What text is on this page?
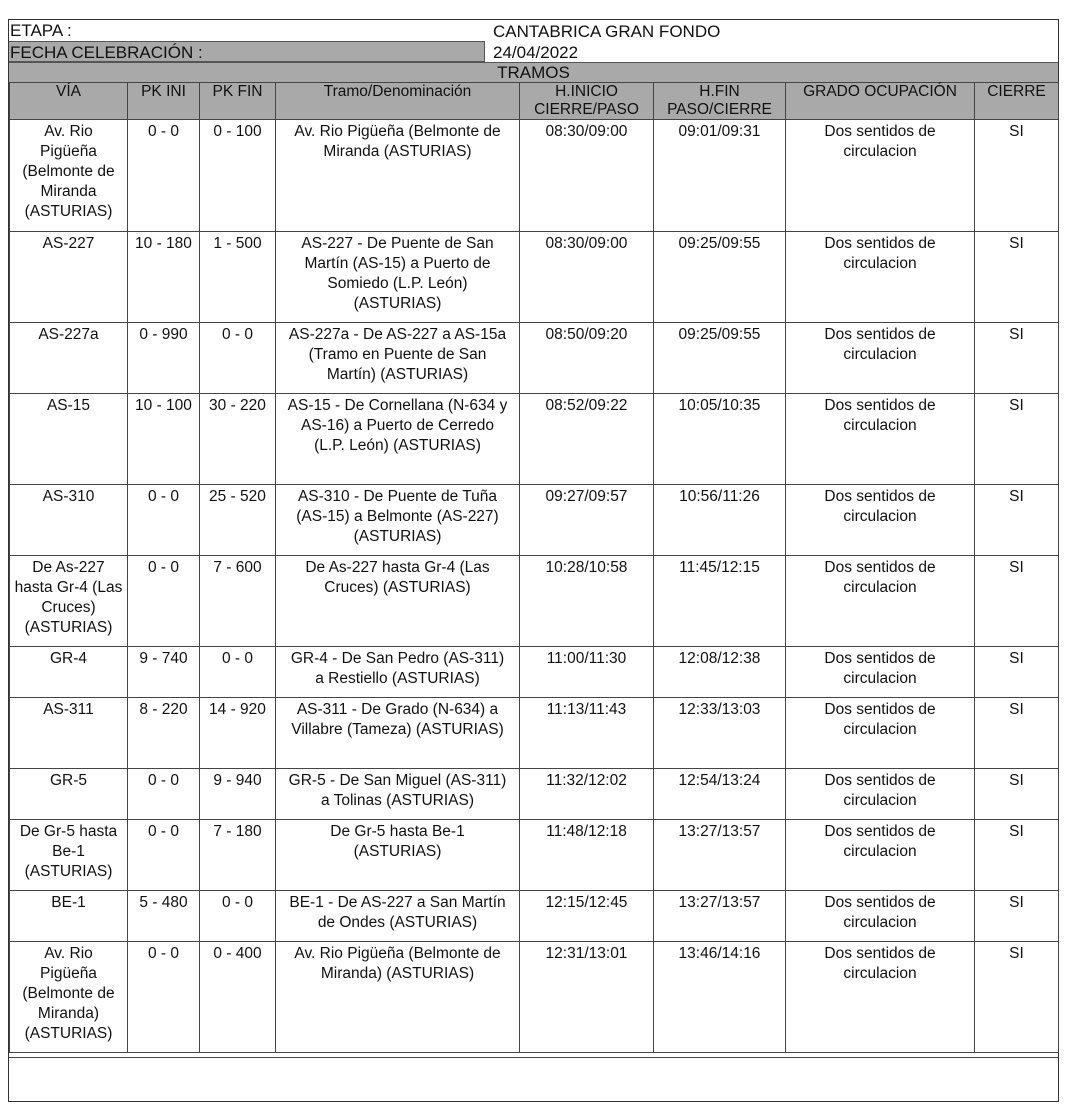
ETAPA :	CANTABRICA GRAN FONDO
FECHA CELEBRACIÓN :	24/04/2022
TRAMOS
VÍA	PK INI	PK FIN	Tramo/Denominación	H.INICIO CIERRE/PASO	H.FIN PASO/CIERRE	GRADO OCUPACIÓN	CIERRE
Av. Rio Pigüeña (Belmonte de Miranda (ASTURIAS)	0 - 0	0 - 100	Av. Rio Pigüeña (Belmonte de Miranda (ASTURIAS)	08:30/09:00	09:01/09:31	Dos sentidos de circulacion	SI
AS-227	10 - 180	1 - 500	AS-227 - De Puente de San Martín (AS-15) a Puerto de Somiedo (L.P. León) (ASTURIAS)	08:30/09:00	09:25/09:55	Dos sentidos de circulacion	SI
AS-227a	0 - 990	0 - 0	AS-227a - De AS-227 a AS-15a (Tramo en Puente de San Martín) (ASTURIAS)	08:50/09:20	09:25/09:55	Dos sentidos de circulacion	SI
AS-15	10 - 100	30 - 220	AS-15 - De Cornellana (N-634 y AS-16) a Puerto de Cerredo (L.P. León) (ASTURIAS)	08:52/09:22	10:05/10:35	Dos sentidos de circulacion	SI
AS-310	0 - 0	25 - 520	AS-310 - De Puente de Tuña (AS-15) a Belmonte (AS-227) (ASTURIAS)	09:27/09:57	10:56/11:26	Dos sentidos de circulacion	SI
De As-227 hasta Gr-4 (Las Cruces) (ASTURIAS)	0 - 0	7 - 600	De As-227 hasta Gr-4 (Las Cruces) (ASTURIAS)	10:28/10:58	11:45/12:15	Dos sentidos de circulacion	SI
GR-4	9 - 740	0 - 0	GR-4 - De San Pedro (AS-311) a Restiello (ASTURIAS)	11:00/11:30	12:08/12:38	Dos sentidos de circulacion	SI
AS-311	8 - 220	14 - 920	AS-311 - De Grado (N-634) a Villabre (Tameza) (ASTURIAS)	11:13/11:43	12:33/13:03	Dos sentidos de circulacion	SI
GR-5	0 - 0	9 - 940	GR-5 - De San Miguel (AS-311) a Tolinas (ASTURIAS)	11:32/12:02	12:54/13:24	Dos sentidos de circulacion	SI
De Gr-5 hasta Be-1 (ASTURIAS)	0 - 0	7 - 180	De Gr-5 hasta Be-1 (ASTURIAS)	11:48/12:18	13:27/13:57	Dos sentidos de circulacion	SI
BE-1	5 - 480	0 - 0	BE-1 - De AS-227 a San Martín de Ondes (ASTURIAS)	12:15/12:45	13:27/13:57	Dos sentidos de circulacion	SI
Av. Rio Pigüeña (Belmonte de Miranda) (ASTURIAS)	0 - 0	0 - 400	Av. Rio Pigüeña (Belmonte de Miranda) (ASTURIAS)	12:31/13:01	13:46/14:16	Dos sentidos de circulacion	SI
